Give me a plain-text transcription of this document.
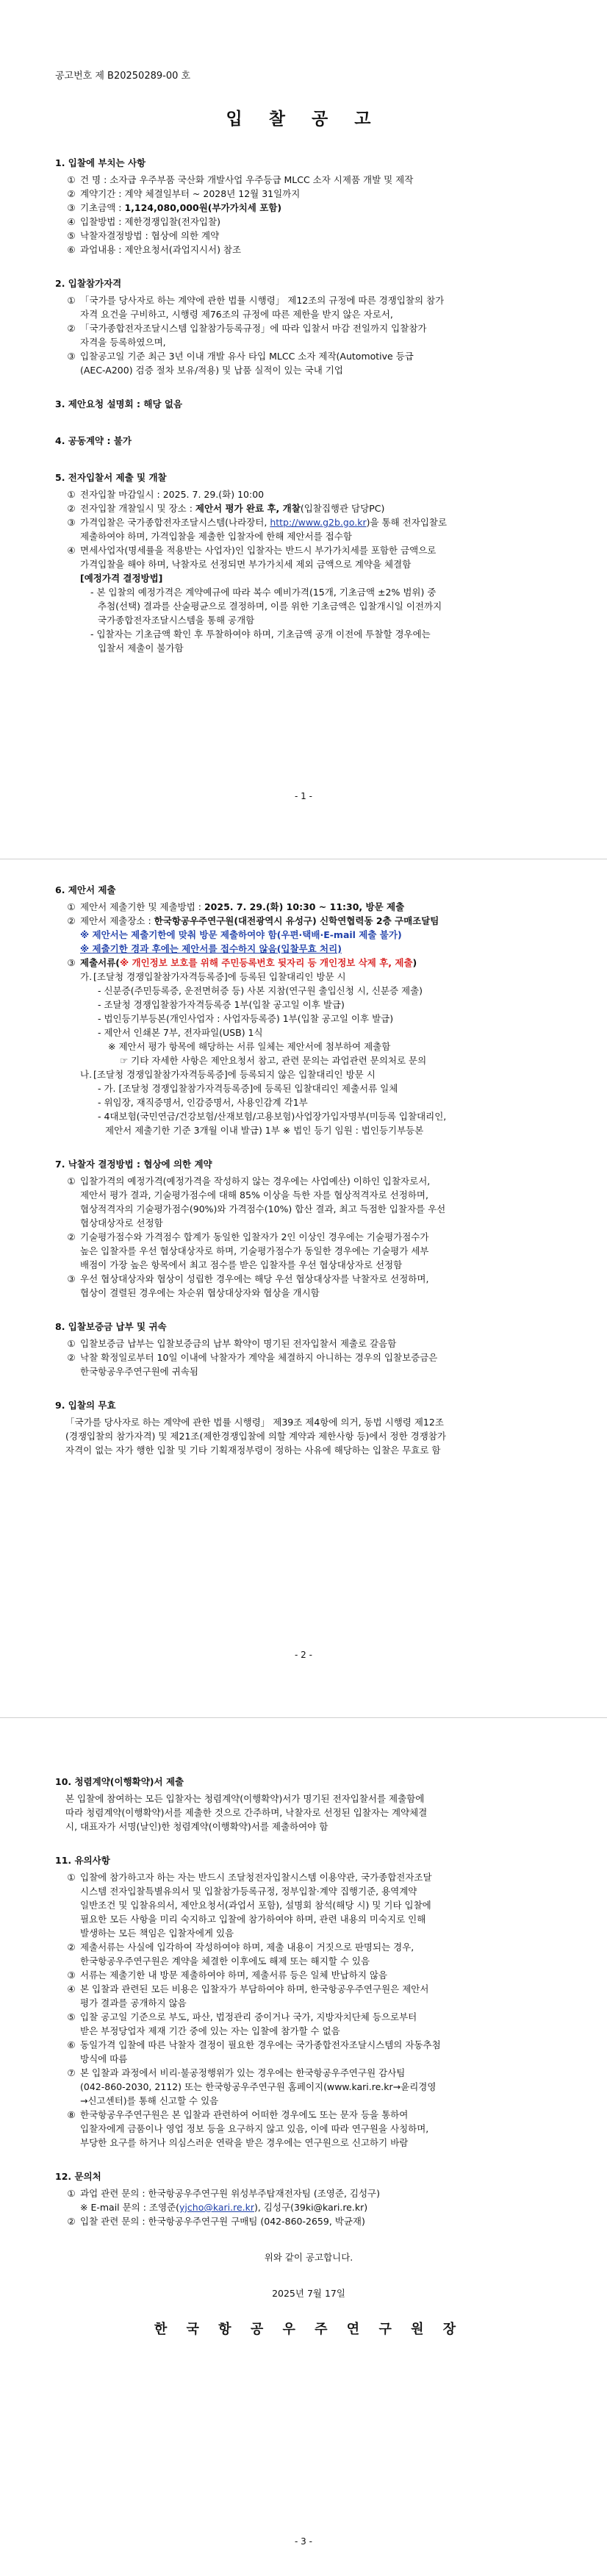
공고번호 제 B20250289-00 호
입 찰 공 고
1. 입찰에 부치는 사항
① 건 명 : 소자급 우주부품 국산화 개발사업 우주등급 MLCC 소자 시제품 개발 및 제작
② 계약기간 : 계약 체결일부터 ~ 2028년 12월 31일까지
③ 기초금액 : 1,124,080,000원(부가가치세 포함)
④ 입찰방법 : 제한경쟁입찰(전자입찰)
⑤ 낙찰자결정방법 : 협상에 의한 계약
⑥ 과업내용 : 제안요청서(과업지시서) 참조
2. 입찰참가자격
① 「국가를 당사자로 하는 계약에 관한 법률 시행령」 제12조의 규정에 따른 경쟁입찰의 참가
자격 요건을 구비하고, 시행령 제76조의 규정에 따른 제한을 받지 않은 자로서,
② 「국가종합전자조달시스템 입찰참가등록규정」에 따라 입찰서 마감 전일까지 입찰참가
자격을 등록하였으며,
③ 입찰공고일 기준 최근 3년 이내 개발 유사 타입 MLCC 소자 제작(Automotive 등급
(AEC-A200) 검증 절차 보유/적용) 및 납품 실적이 있는 국내 기업
3. 제안요청 설명회 : 해당 없음
4. 공동계약 : 불가
5. 전자입찰서 제출 및 개찰
① 전자입찰 마감일시 : 2025. 7. 29.(화) 10:00
② 전자입찰 개찰일시 및 장소 : 제안서 평가 완료 후, 개찰(입찰집행관 담당PC)
③ 가격입찰은 국가종합전자조달시스템(나라장터, http://www.g2b.go.kr)을 통해 전자입찰로
제출하여야 하며, 가격입찰을 제출한 입찰자에 한해 제안서를 접수함
④ 면세사업자(명세률을 적용받는 사업자)인 입찰자는 반드시 부가가치세를 포함한 금액으로
가격입찰을 해야 하며, 낙찰자로 선정되면 부가가치세 제외 금액으로 계약을 체결함
[예정가격 결정방법]
- 본 입찰의 예정가격은 계약예규에 따라 복수 예비가격(15개, 기초금액 ±2% 범위) 중
추첨(선택) 결과를 산술평균으로 결정하며, 이를 위한 기초금액은 입찰개시일 이전까지
국가종합전자조달시스템을 통해 공개함
- 입찰자는 기초금액 확인 후 투찰하여야 하며, 기초금액 공개 이전에 투찰할 경우에는
입찰서 제출이 불가함
- 1 -
6. 제안서 제출
① 제안서 제출기한 및 제출방법 : 2025. 7. 29.(화) 10:30 ~ 11:30, 방문 제출
② 제안서 제출장소 : 한국항공우주연구원(대전광역시 유성구) 신학연협력동 2층 구매조달팀
※ 제안서는 제출기한에 맞춰 방문 제출하여야 함(우편·택배·E-mail 제출 불가)
※ 제출기한 경과 후에는 제안서를 접수하지 않음(입찰무효 처리)
③ 제출서류(※ 개인정보 보호를 위해 주민등록번호 뒷자리 등 개인정보 삭제 후, 제출)
가. [조달청 경쟁입찰참가자격등록증]에 등록된 입찰대리인 방문 시
- 신분증(주민등록증, 운전면허증 등) 사본 지참(연구원 출입신청 시, 신분증 제출)
- 조달청 경쟁입찰참가자격등록증 1부(입찰 공고일 이후 발급)
- 법인등기부등본(개인사업자 : 사업자등록증) 1부(입찰 공고일 이후 발급)
- 제안서 인쇄본 7부, 전자파일(USB) 1식
※ 제안서 평가 항목에 해당하는 서류 일체는 제안서에 첨부하여 제출함
☞ 기타 자세한 사항은 제안요청서 참고, 관련 문의는 과업관련 문의처로 문의
나. [조달청 경쟁입찰참가자격등록증]에 등록되지 않은 입찰대리인 방문 시
- 가. [조달청 경쟁입찰참가자격등록증]에 등록된 입찰대리인 제출서류 일체
- 위임장, 재직증명서, 인감증명서, 사용인감계 각1부
- 4대보험(국민연금/건강보험/산재보험/고용보험)사업장가입자명부(미등록 입찰대리인,
제안서 제출기한 기준 3개월 이내 발급) 1부 ※ 법인 등기 임원 : 법인등기부등본
7. 낙찰자 결정방법 : 협상에 의한 계약
① 입찰가격의 예정가격(예정가격을 작성하지 않는 경우에는 사업예산) 이하인 입찰자로서,
제안서 평가 결과, 기술평가점수에 대해 85% 이상을 득한 자를 협상적격자로 선정하며,
협상적격자의 기술평가점수(90%)와 가격점수(10%) 합산 결과, 최고 득점한 입찰자를 우선
협상대상자로 선정함
② 기술평가점수와 가격점수 합계가 동일한 입찰자가 2인 이상인 경우에는 기술평가점수가
높은 입찰자를 우선 협상대상자로 하며, 기술평가점수가 동일한 경우에는 기술평가 세부
배점이 가장 높은 항목에서 최고 점수를 받은 입찰자를 우선 협상대상자로 선정함
③ 우선 협상대상자와 협상이 성립한 경우에는 해당 우선 협상대상자를 낙찰자로 선정하며,
협상이 결렬된 경우에는 차순위 협상대상자와 협상을 개시함
8. 입찰보증금 납부 및 귀속
① 입찰보증금 납부는 입찰보증금의 납부 확약이 명기된 전자입찰서 제출로 갈음함
② 낙찰 확정일로부터 10일 이내에 낙찰자가 계약을 체결하지 아니하는 경우의 입찰보증금은
한국항공우주연구원에 귀속됨
9. 입찰의 무효
「국가를 당사자로 하는 계약에 관한 법률 시행령」 제39조 제4항에 의거, 동법 시행령 제12조
(경쟁입찰의 참가자격) 및 제21조(제한경쟁입찰에 의할 계약과 제한사항 등)에서 정한 경쟁참가
자격이 없는 자가 행한 입찰 및 기타 기획재정부령이 정하는 사유에 해당하는 입찰은 무효로 함
- 2 -
10. 청렴계약(이행확약)서 제출
본 입찰에 참여하는 모든 입찰자는 청렴계약(이행확약)서가 명기된 전자입찰서를 제출함에
따라 청렴계약(이행확약)서를 제출한 것으로 간주하며, 낙찰자로 선정된 입찰자는 계약체결
시, 대표자가 서명(날인)한 청렴계약(이행확약)서를 제출하여야 함
11. 유의사항
① 입찰에 참가하고자 하는 자는 반드시 조달청전자입찰시스템 이용약관, 국가종합전자조달
시스템 전자입찰특별유의서 및 입찰참가등록규정, 정부입찰·계약 집행기준, 용역계약
일반조건 및 입찰유의서, 제안요청서(과업서 포함), 설명회 참석(해당 시) 및 기타 입찰에
필요한 모든 사항을 미리 숙지하고 입찰에 참가하여야 하며, 관련 내용의 미숙지로 인해
발생하는 모든 책임은 입찰자에게 있음
② 제출서류는 사실에 입각하여 작성하여야 하며, 제출 내용이 거짓으로 판명되는 경우,
한국항공우주연구원은 계약을 체결한 이후에도 해제 또는 해지할 수 있음
③ 서류는 제출기한 내 방문 제출하여야 하며, 제출서류 등은 일체 반납하지 않음
④ 본 입찰과 관련된 모든 비용은 입찰자가 부담하여야 하며, 한국항공우주연구원은 제안서
평가 결과를 공개하지 않음
⑤ 입찰 공고일 기준으로 부도, 파산, 법정관리 중이거나 국가, 지방자치단체 등으로부터
받은 부정당업자 제재 기간 중에 있는 자는 입찰에 참가할 수 없음
⑥ 동일가격 입찰에 따른 낙찰자 결정이 필요한 경우에는 국가종합전자조달시스템의 자동추첨
방식에 따름
⑦ 본 입찰과 과정에서 비리·불공정행위가 있는 경우에는 한국항공우주연구원 감사팀
(042-860-2030, 2112) 또는 한국항공우주연구원 홈페이지(www.kari.re.kr→윤리경영
→신고센터)를 통해 신고할 수 있음
⑧ 한국항공우주연구원은 본 입찰과 관련하여 어떠한 경우에도 또는 문자 등을 통하여
입찰자에게 금품이나 영업 정보 등을 요구하지 않고 있음, 이에 따라 연구원을 사칭하며,
부당한 요구를 하거나 의심스러운 연락을 받은 경우에는 연구원으로 신고하기 바람
12. 문의처
① 과업 관련 문의 : 한국항공우주연구원 위성부주탑재전자팀 (조영준, 김성구)
※ E-mail 문의 : 조영준(yjcho@kari.re.kr), 김성구(39ki@kari.re.kr)
② 입찰 관련 문의 : 한국항공우주연구원 구매팀 (042-860-2659, 박균재)
위와 같이 공고합니다.
2025년 7월 17일
한 국 항 공 우 주 연 구 원 장
- 3 -
